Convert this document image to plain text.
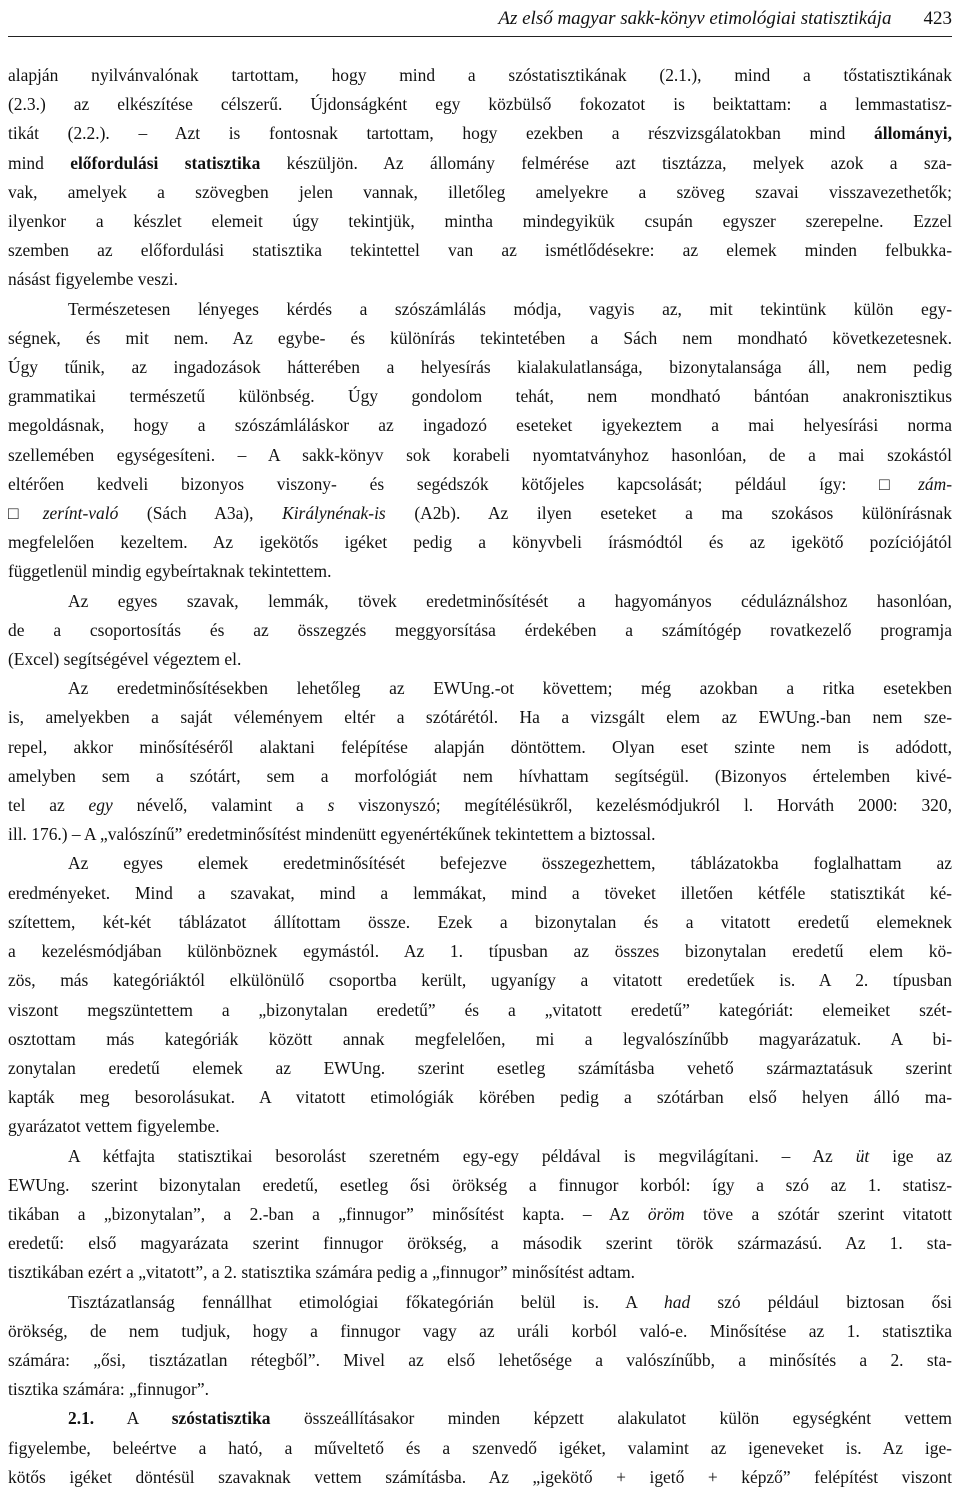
Az első magyar sakk-könyv etimológiai statisztikája 423
alapján nyilvánvalónak tartottam, hogy mind a szóstatisztikának (2.1.), mind a tőstatisztikának
(2.3.) az elkészítése célszerű. Újdonságként egy közbülső fokozatot is beiktattam: a lemmastatisz-
tikát (2.2.). – Azt is fontosnak tartottam, hogy ezekben a részvizsgálatokban mind állományi,
mind előfordulási statisztika készüljön. Az állomány felmérése azt tisztázza, melyek azok a sza-
vak, amelyek a szövegben jelen vannak, illetőleg amelyekre a szöveg szavai visszavezethetők;
ilyenkor a készlet elemeit úgy tekintjük, mintha mindegyikük csupán egyszer szerepelne. Ezzel
szemben az előfordulási statisztika tekintettel van az ismétlődésekre: az elemek minden felbukka-
násást figyelembe veszi.
Természetesen lényeges kérdés a szószámlálás módja, vagyis az, mit tekintünk külön egy-
ségnek, és mit nem. Az egybe- és különírás tekintetében a Sách nem mondható következetesnek.
Úgy tűnik, az ingadozások hátterében a helyesírás kialakulatlansága, bizonytalansága áll, nem pedig
grammatikai természetű különbség. Úgy gondolom tehát, nem mondható bántóan anakronisztikus
megoldásnak, hogy a szószámláláskor az ingadozó eseteket igyekeztem a mai helyesírási norma
szellemében egységesíteni. – A sakk-könyv sok korabeli nyomtatványhoz hasonlóan, de a mai szokástól
eltérően kedveli bizonyos viszony- és segédszók kötőjeles kapcsolását; például így: □zám-
□zerínt-való (Sách A3a), Királynénak-is (A2b). Az ilyen eseteket a ma szokásos különírásnak
megfelelően kezeltem. Az igekötős igéket pedig a könyvbeli írásmódtól és az igekötő pozíciójától
függetlenül mindig egybeírtaknak tekintettem.
Az egyes szavak, lemmák, tövek eredetminősítését a hagyományos céduláználshoz hasonlóan,
de a csoportosítás és az összegzés meggyorsítása érdekében a számítógép rovatkezelő programja
(Excel) segítségével végeztem el.
Az eredetminősítésekben lehetőleg az EWUng.-ot követtem; még azokban a ritka esetekben
is, amelyekben a saját véleményem eltér a szótárétól. Ha a vizsgált elem az EWUng.-ban nem sze-
repel, akkor minősítéséről alaktani felépítése alapján döntöttem. Olyan eset szinte nem is adódott,
amelyben sem a szótárt, sem a morfológiát nem hívhattam segítségül. (Bizonyos értelemben kivé-
tel az egy névelő, valamint a s viszonyszó; megítélésükről, kezelésmódjukról l. Horváth 2000: 320,
ill. 176.) – A „valószínű” eredetminősítést mindenütt egyenértékűnek tekintettem a biztossal.
Az egyes elemek eredetminősítését befejezve összegezhettem, táblázatokba foglalhattam az
eredményeket. Mind a szavakat, mind a lemmákat, mind a töveket illetően kétféle statisztikát ké-
szítettem, két-két táblázatot állítottam össze. Ezek a bizonytalan és a vitatott eredetű elemeknek
a kezelésmódjában különböznek egymástól. Az 1. típusban az összes bizonytalan eredetű elem kö-
zös, más kategóriáktól elkülönülő csoportba került, ugyanígy a vitatott eredetűek is. A 2. típusban
viszont megszüntettem a „bizonytalan eredetű” és a „vitatott eredetű” kategóriát: elemeiket szét-
osztottam más kategóriák között annak megfelelően, mi a legvalószínűbb magyarázatuk. A bi-
zonytalan eredetű elemek az EWUng. szerint esetleg számításba vehető származtatásuk szerint
kapták meg besorolásukat. A vitatott etimológiák körében pedig a szótárban első helyen álló ma-
gyarázatot vettem figyelembe.
A kétfajta statisztikai besorolást szeretném egy-egy példával is megvilágítani. – Az üt ige az
EWUng. szerint bizonytalan eredetű, esetleg ősi örökség a finnugor korból: így a szó az 1. statisz-
tikában a „bizonytalan”, a 2.-ban a „finnugor” minősítést kapta. – Az öröm töve a szótár szerint vitatott
eredetű: első magyarázata szerint finnugor örökség, a második szerint török származású. Az 1. sta-
tisztikában ezért a „vitatott”, a 2. statisztika számára pedig a „finnugor” minősítést adtam.
Tisztázatlanság fennállhat etimológiai főkategórián belül is. A had szó például biztosan ősi
örökség, de nem tudjuk, hogy a finnugor vagy az uráli korból való-e. Minősítése az 1. statisztika
számára: „ősi, tisztázatlan rétegből”. Mivel az első lehetősége a valószínűbb, a minősítés a 2. sta-
tisztika számára: „finnugor”.
2.1. A szóstatisztika összeállításakor minden képzett alakulatot külön egységként vettem
figyelembe, beleértve a ható, a műveltető és a szenvedő igéket, valamint az igeneveket is. Az ige-
kötős igéket döntésül szavaknak vettem számításba. Az „igekötő + igető + képző” felépítést viszont
